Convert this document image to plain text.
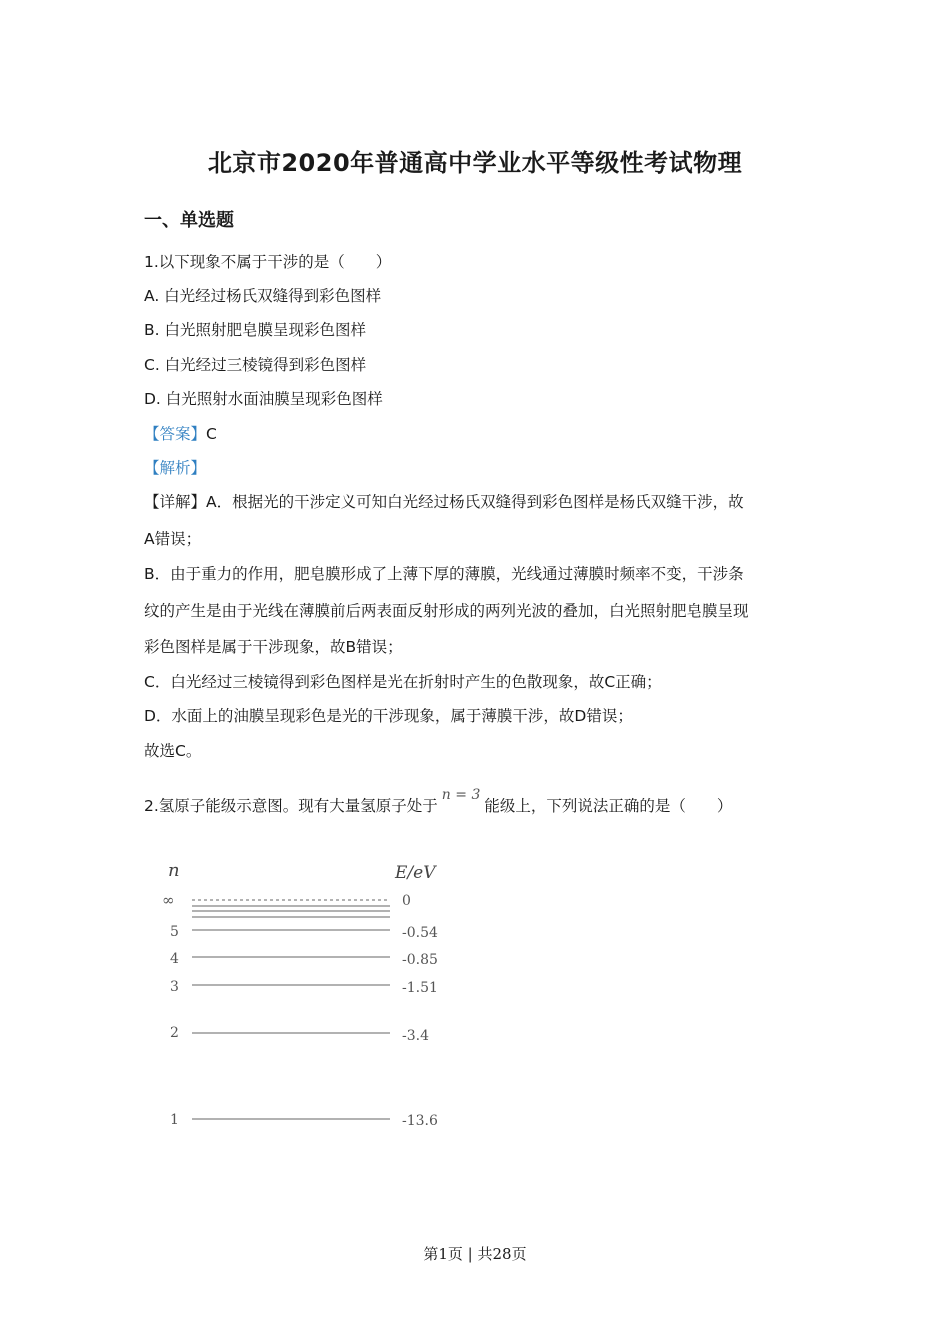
北京市2020年普通高中学业水平等级性考试物理
一、单选题
1.以下现象不属于干涉的是（　　）
A. 白光经过杨氏双缝得到彩色图样
B. 白光照射肥皂膜呈现彩色图样
C. 白光经过三棱镜得到彩色图样
D. 白光照射水面油膜呈现彩色图样
【答案】C
【解析】
【详解】A．根据光的干涉定义可知白光经过杨氏双缝得到彩色图样是杨氏双缝干涉，故
A错误；
B．由于重力的作用，肥皂膜形成了上薄下厚的薄膜，光线通过薄膜时频率不变，干涉条
纹的产生是由于光线在薄膜前后两表面反射形成的两列光波的叠加，白光照射肥皂膜呈现
彩色图样是属于干涉现象，故B错误；
C．白光经过三棱镜得到彩色图样是光在折射时产生的色散现象，故C正确；
D．水面上的油膜呈现彩色是光的干涉现象，属于薄膜干涉，故D错误；
故选C。
2.氢原子能级示意图。现有大量氢原子处于n = 3能级上，下列说法正确的是（　　）
n	E/eV
∞	0
5	-0.54
4	-0.85
3	-1.51
2	-3.4
1	-13.6
第1页 | 共28页
